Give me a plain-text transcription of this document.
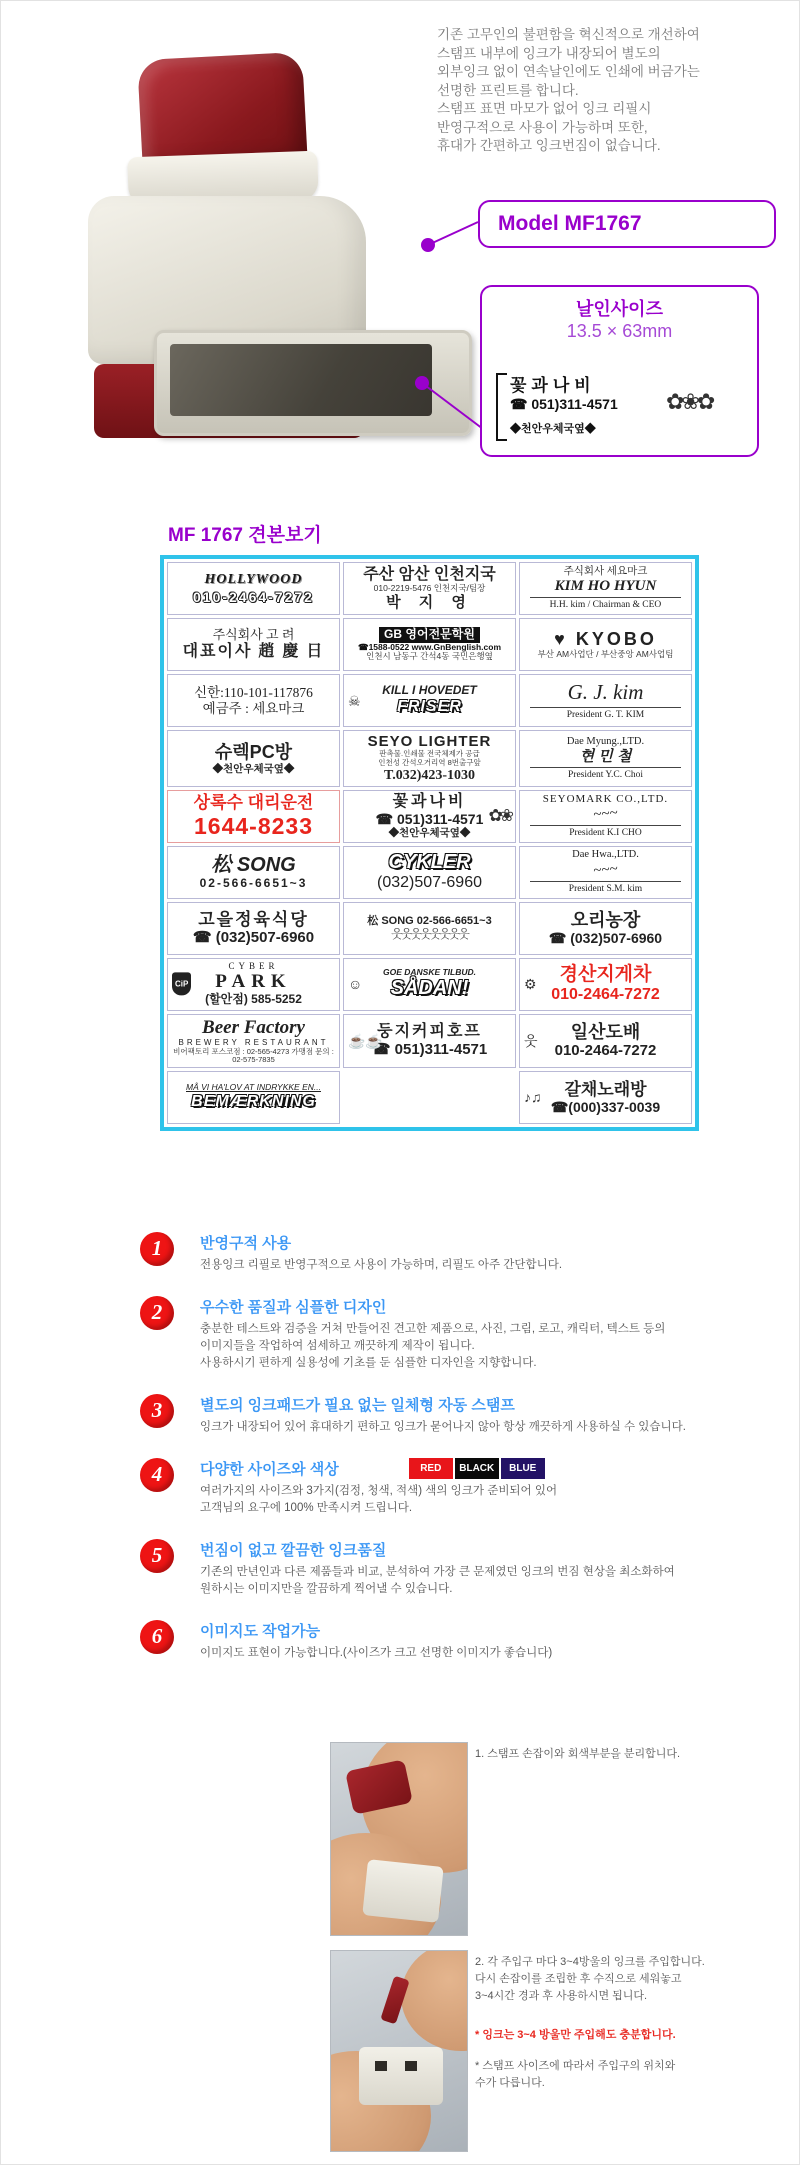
기존 고무인의 불편함을 혁신적으로 개선하여
스탬프 내부에 잉크가 내장되어 별도의
외부잉크 없이 연속날인에도 인쇄에 버금가는
선명한 프린트를 합니다.
스탬프 표면 마모가 없어 잉크 리필시
반영구적으로 사용이 가능하며 또한,
휴대가 간편하고 잉크번짐이 없습니다.
Model MF1767
날인사이즈
13.5 × 63mm
꽃과나비
☎ 051)311-4571
◆천안우체국옆◆
✿❀✿
MF 1767 견본보기
HOLLYWOOD
010-2464-7272
주산 암산 인천지국
010-2219-5476 인천지국/팀장
박 지 영
주식회사 세요마크
KIM HO HYUN
H.H. kim / Chairman & CEO
주식회사 고 려
대표이사 趙 慶 日
GB 영어전문학원
☎1588-0522 www.GnBenglish.com
인천시 남동구 간석4동 국민은행옆
♥ KYOBO
부산 AM사업단 / 부산중앙 AM사업팀
신한:110-101-117876
예금주 : 세요마크
KILL I HOVEDET
FRISER
☠	G. J. kim
President G. T. KIM
슈렉PC방
◆천안우체국옆◆
SEYO LIGHTER
판촉물.인쇄물 전국체제가 공급
인천성 간석오거리역 8번출구앞
T.032)423-1030
Dae Myung.,LTD.
현 민 철
President Y.C. Choi
상록수 대리운전
1644-8233
꽃과나비
☎ 051)311-4571
◆천안우체국옆◆
✿❀
SEYOMARK CO.,LTD.
~~~
President K.I CHO
松 SONG
02-566-6651~3
CYKLER
(032)507-6960
Dae Hwa.,LTD.
~~~
President S.M. kim
고을정육식당
☎ (032)507-6960
松 SONG 02-566-6651~3
웃웃웃웃웃웃웃웃
오리농장
☎ (032)507-6960
CYBER
PARK
(할안점) 585-5252
CiP
GOE DANSKE TILBUD.
SÅDAN!
☺	경산지게차
010-2464-7272
⚙
Beer Factory
BREWERY RESTAURANT
비어팩토리 포스코점 : 02-565-4273 가맹점 문의 : 02-575-7835
둥지커피호프
☎ 051)311-4571
☕☕	일산도배
010-2464-7272
웃
MÅ VI HA'LOV AT INDRYKKE EN...
BEMÆRKNING
갈채노래방
☎(000)337-0039
♪♫
1	반영구적 사용
전용잉크 리필로 반영구적으로 사용이 가능하며, 리필도 아주 간단합니다.
2	우수한 품질과 심플한 디자인
충분한 테스트와 검증을 거쳐 만들어진 견고한 제품으로, 사진, 그림, 로고, 캐릭터, 텍스트 등의
이미지들을 작업하여 섬세하고 깨끗하게 제작이 됩니다.
사용하시기 편하게 실용성에 기초를 둔 심플한 디자인을 지향합니다.
3	별도의 잉크패드가 필요 없는 일체형 자동 스탬프
잉크가 내장되어 있어 휴대하기 편하고 잉크가 묻어나지 않아 항상 깨끗하게 사용하실 수 있습니다.
4	다양한 사이즈와 색상	RED	BLACK	BLUE
여러가지의 사이즈와 3가지(검정, 청색, 적색) 색의 잉크가 준비되어 있어
고객님의 요구에 100% 만족시켜 드립니다.
5	번짐이 없고 깔끔한 잉크품질
기존의 만년인과 다른 제품들과 비교, 분석하여 가장 큰 문제였던 잉크의 번짐 현상을 최소화하여
원하시는 이미지만을 깔끔하게 찍어낼 수 있습니다.
6	이미지도 작업가능
이미지도 표현이 가능합니다.(사이즈가 크고 선명한 이미지가 좋습니다)
1. 스탬프 손잡이와 회색부분을 분리합니다.
2. 각 주입구 마다 3~4방울의 잉크를 주입합니다.
다시 손잡이를 조립한 후 수직으로 세워놓고
3~4시간 경과 후 사용하시면 됩니다.
* 잉크는 3~4 방울만 주입해도 충분합니다.
* 스탬프 사이즈에 따라서 주입구의 위치와
수가 다릅니다.
